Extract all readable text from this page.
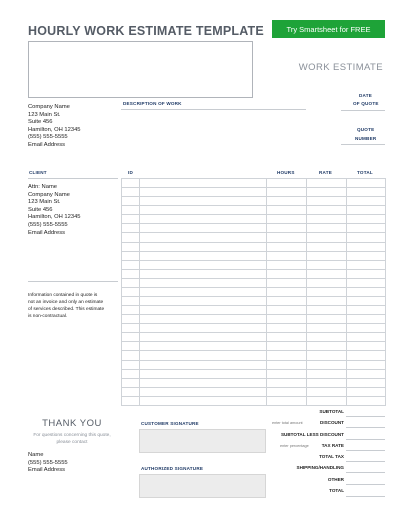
HOURLY WORK ESTIMATE TEMPLATE	Try Smartsheet for FREE
WORK ESTIMATE
Company Name
123 Main St.
Suite 456
Hamilton, OH 12345
(555) 555-5555
Email Address
DESCRIPTION OF WORK
DATE
OF QUOTE
QUOTE
NUMBER
CLIENT
Attn: Name
Company Name
123 Main St.
Suite 456
Hamilton, OH 12345
(555) 555-5555
Email Address
Information contained in quote is
not an invoice and only an estimate
of services described. This estimate
is non-contractual.
ID	HOURS	RATE	TOTAL

THANK YOU
For questions concerning this quote,
please contact
Name
(555) 555-5555
Email Address
CUSTOMER SIGNATURE
AUTHORIZED SIGNATURE
SUBTOTAL
enter total amount	DISCOUNT
SUBTOTAL LESS DISCOUNT
enter percentage	TAX RATE
TOTAL TAX
SHIPPING/HANDLING
OTHER
TOTAL
